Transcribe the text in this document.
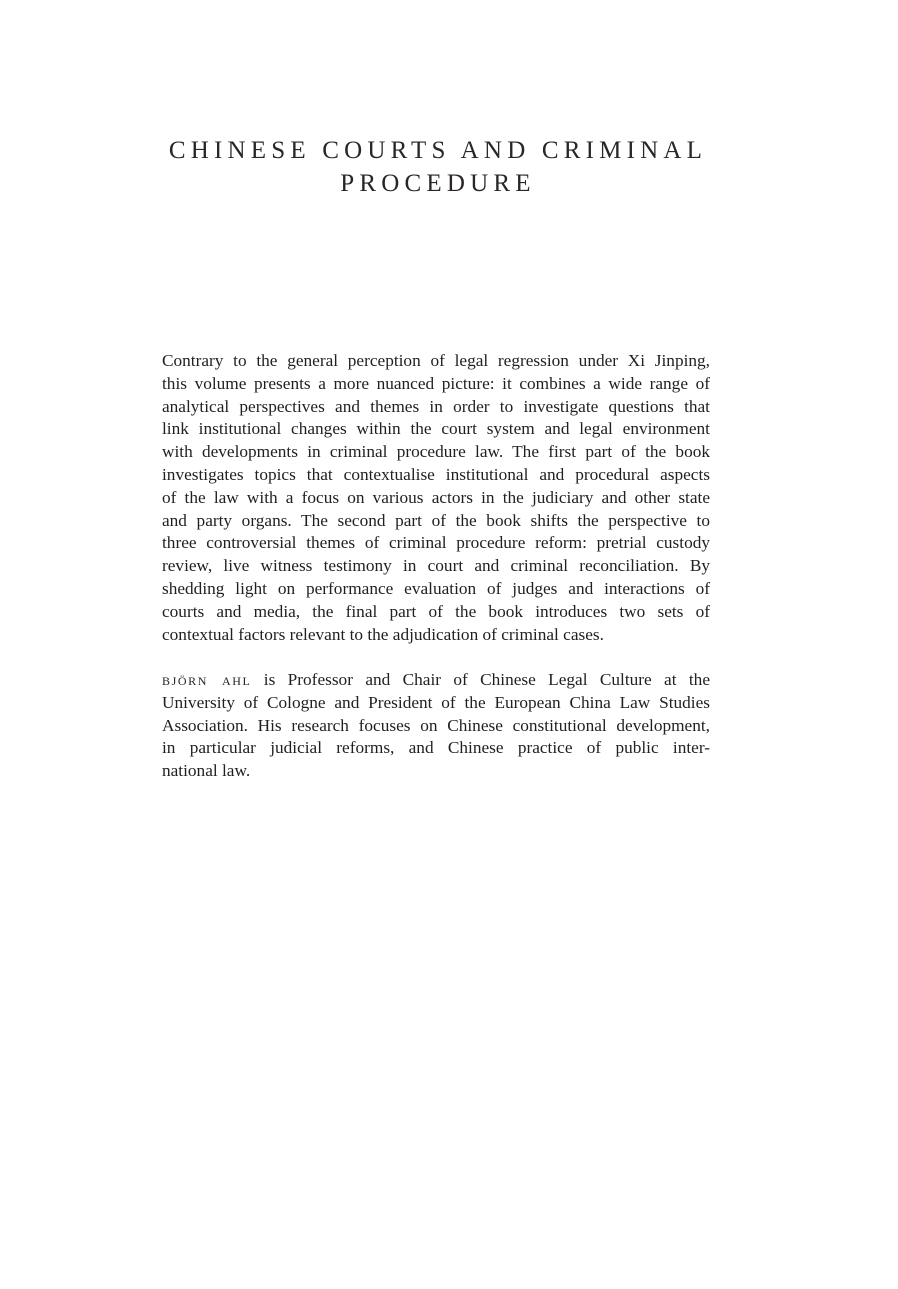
CHINESE COURTS AND CRIMINAL
PROCEDURE
Contrary to the general perception of legal regression under Xi Jinping,
this volume presents a more nuanced picture: it combines a wide range of
analytical perspectives and themes in order to investigate questions that
link institutional changes within the court system and legal environment
with developments in criminal procedure law. The first part of the book
investigates topics that contextualise institutional and procedural aspects
of the law with a focus on various actors in the judiciary and other state
and party organs. The second part of the book shifts the perspective to
three controversial themes of criminal procedure reform: pretrial custody
review, live witness testimony in court and criminal reconciliation. By
shedding light on performance evaluation of judges and interactions of
courts and media, the final part of the book introduces two sets of
contextual factors relevant to the adjudication of criminal cases.
björn ahl is Professor and Chair of Chinese Legal Culture at the
University of Cologne and President of the European China Law Studies
Association. His research focuses on Chinese constitutional development,
in particular judicial reforms, and Chinese practice of public inter-
national law.
